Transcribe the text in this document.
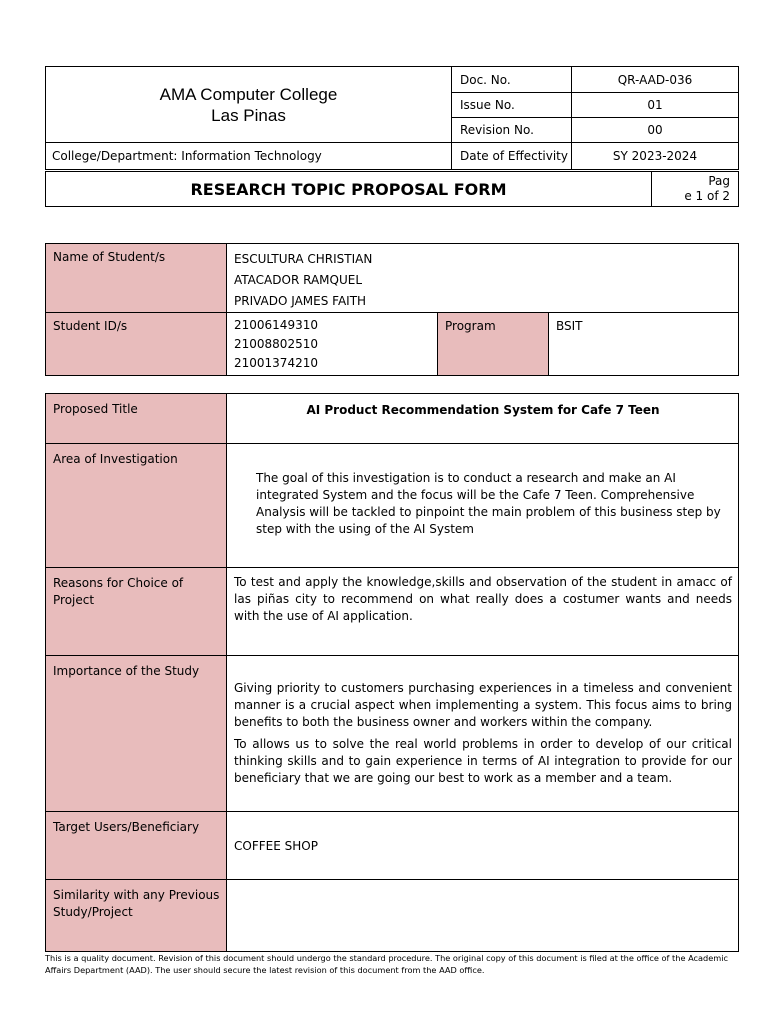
AMA Computer College
Las Pinas	Doc. No.	QR-AAD-036
	Issue No.	01
	Revision No.	00
College/Department: Information Technology	Date of Effectivity	SY 2023-2024
RESEARCH TOPIC PROPOSAL FORM	Pag
e 1 of 2
Name of Student/s	ESCULTURA CHRISTIAN
ATACADOR RAMQUEL
PRIVADO JAMES FAITH		

Student ID/s	21006149310
21008802510
21001374210	Program	BSIT
Proposed Title	AI Product Recommendation System for Cafe 7 Teen
Area of Investigation	The goal of this investigation is to conduct a research and make an AI integrated System and the focus will be the Cafe 7 Teen. Comprehensive Analysis will be tackled to pinpoint the main problem of this business step by step with the using of the AI System
Reasons for Choice of Project	To test and apply the knowledge,skills and observation of the student in amacc of las piñas city to recommend on what really does a costumer wants and needs with the use of AI application.
Importance of the Study	Giving priority to customers purchasing experiences in a timeless and convenient manner is a crucial aspect when implementing a system. This focus aims to bring benefits to both the business owner and workers within the company.
To allows us to solve the real world problems in order to develop of our critical thinking skills and to gain experience in terms of AI integration to provide for our beneficiary that we are going our best to work as a member and a team.

Target Users/Beneficiary	COFFEE SHOP
Similarity with any Previous Study/Project	
This is a quality document. Revision of this document should undergo the standard procedure. The original copy of this document is filed at the office of the Academic Affairs Department (AAD). The user should secure the latest revision of this document from the AAD office.
